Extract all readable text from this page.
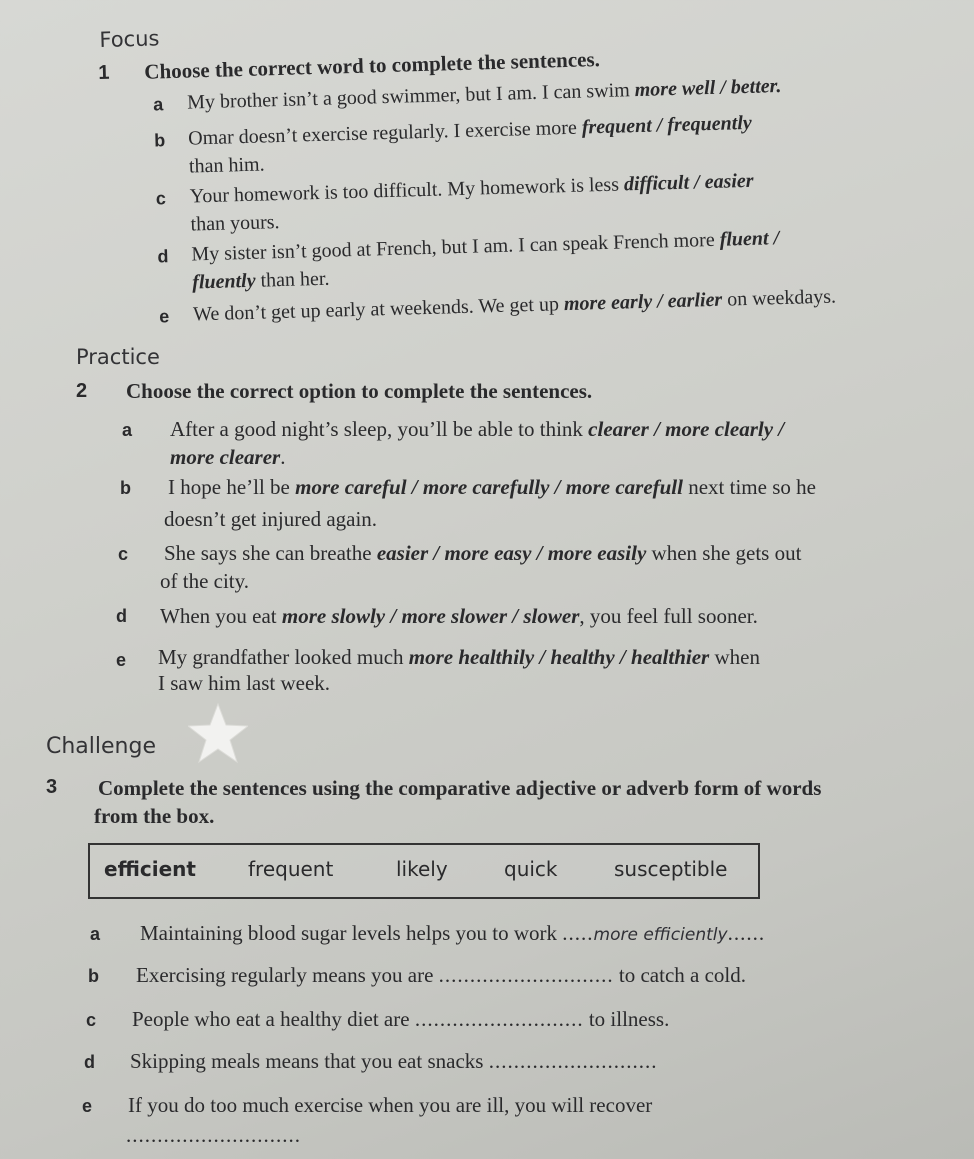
Focus
1 Choose the correct word to complete the sentences.
a My brother isn’t a good swimmer, but I am. I can swim more well / better.
b Omar doesn’t exercise regularly. I exercise more frequent / frequently
than him.
c Your homework is too difficult. My homework is less difficult / easier
than yours.
d My sister isn’t good at French, but I am. I can speak French more fluent /
fluently than her.
e We don’t get up early at weekends. We get up more early / earlier on weekdays.
Practice
2 Choose the correct option to complete the sentences.
a After a good night’s sleep, you’ll be able to think clearer / more clearly /
more clearer.
b I hope he’ll be more careful / more carefully / more carefull next time so he
doesn’t get injured again.
c She says she can breathe easier / more easy / more easily when she gets out
of the city.
d When you eat more slowly / more slower / slower, you feel full sooner.
e My grandfather looked much more healthily / healthy / healthier when
I saw him last week.
Challenge
3 Complete the sentences using the comparative adjective or adverb form of words
from the box.
efficient	frequent	likely	quick	susceptible
a Maintaining blood sugar levels helps you to work .....more efficiently......
b Exercising regularly means you are ............................ to catch a cold.
c People who eat a healthy diet are ........................... to illness.
d Skipping meals means that you eat snacks ...........................
e If you do too much exercise when you are ill, you will recover
............................
